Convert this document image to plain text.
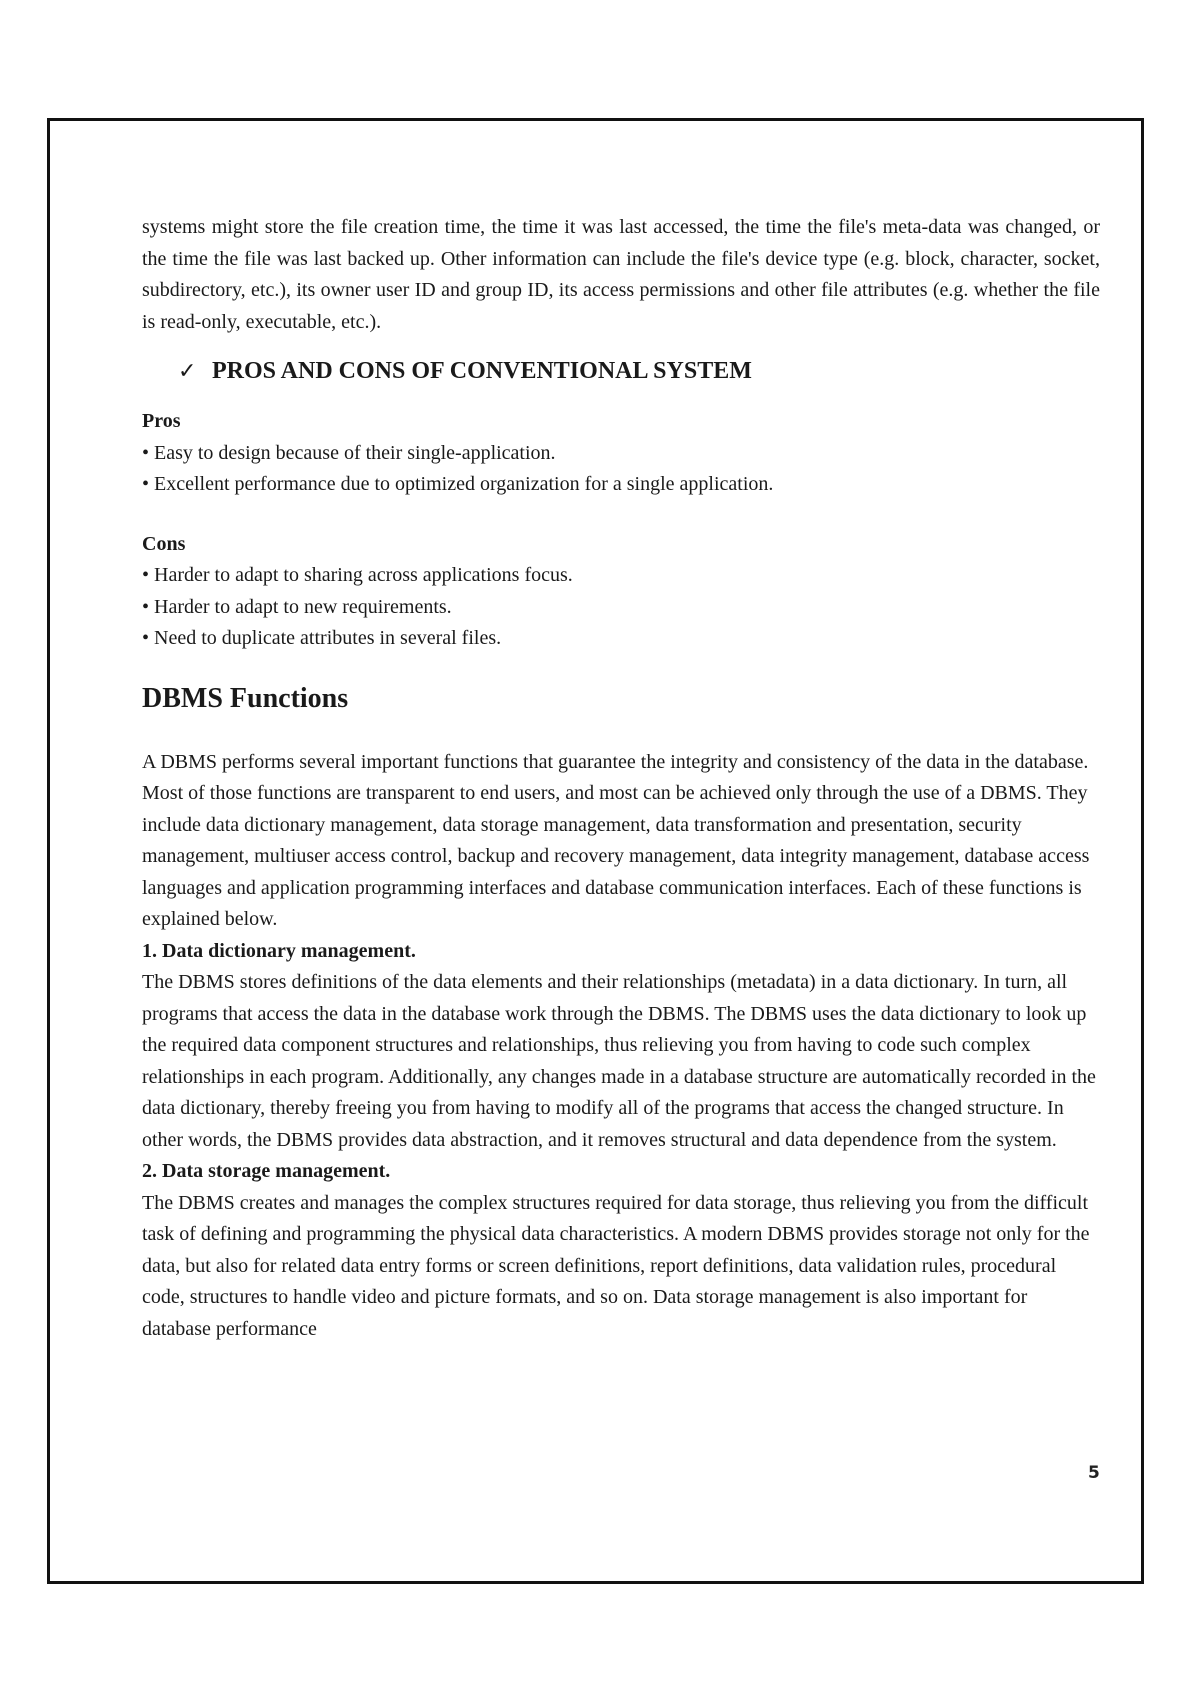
systems might store the file creation time, the time it was last accessed, the time the file's meta-data was changed, or the time the file was last backed up. Other information can include the file's device type (e.g. block, character, socket, subdirectory, etc.), its owner user ID and group ID, its access permissions and other file attributes (e.g. whether the file is read-only, executable, etc.).

✓ PROS AND CONS OF CONVENTIONAL SYSTEM

Pros

• Easy to design because of their single-application.
• Excellent performance due to optimized organization for a single application.

Cons

• Harder to adapt to sharing across applications focus.
• Harder to adapt to new requirements.
• Need to duplicate attributes in several files.
DBMS Functions

A DBMS performs several important functions that guarantee the integrity and consistency of the data in the database. Most of those functions are transparent to end users, and most can be achieved only through the use of a DBMS. They include data dictionary management, data storage management, data transformation and presentation, security management, multiuser access control, backup and recovery management, data integrity management, database access languages and application programming interfaces and database communication interfaces. Each of these functions is explained below.

1. Data dictionary management.

The DBMS stores definitions of the data elements and their relationships (metadata) in a data dictionary. In turn, all programs that access the data in the database work through the DBMS. The DBMS uses the data dictionary to look up the required data component structures and relationships, thus relieving you from having to code such complex relationships in each program. Additionally, any changes made in a database structure are automatically recorded in the data dictionary, thereby freeing you from having to modify all of the programs that access the changed structure. In other words, the DBMS provides data abstraction, and it removes structural and data dependence from the system.

2. Data storage management.

The DBMS creates and manages the complex structures required for data storage, thus relieving you from the difficult task of defining and programming the physical data characteristics. A modern DBMS provides storage not only for the data, but also for related data entry forms or screen definitions, report definitions, data validation rules, procedural code, structures to handle video and picture formats, and so on. Data storage management is also important for database performance

5
